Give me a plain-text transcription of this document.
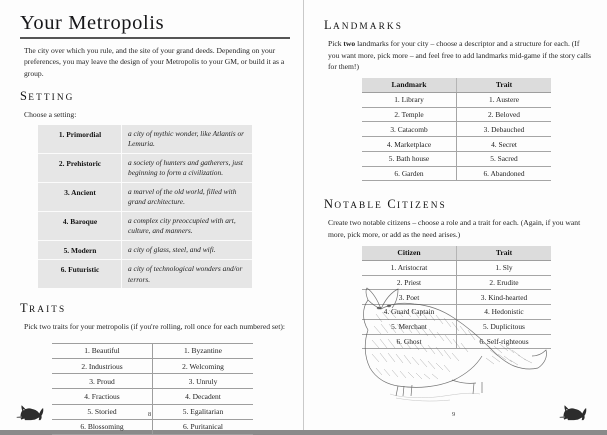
Your Metropolis

The city over which you rule, and the site of your grand deeds. Depending on your preferences, you may leave the design of your Metropolis to your GM, or build it as a group.

SETTING

Choose a setting:

1. Primordial	a city of mythic wonder, like Atlantis or Lemuria.
2. Prehistoric	a society of hunters and gatherers, just beginning to form a civilization.
3. Ancient	a marvel of the old world, filled with grand architecture.
4. Baroque	a complex city preoccupied with art, culture, and manners.
5. Modern	a city of glass, steel, and wifi.
6. Futuristic	a city of technological wonders and/or terrors.
TRAITS

Pick two traits for your metropolis (if you're rolling, roll once for each numbered set):

1. Beautiful	1. Byzantine
2. Industrious	2. Welcoming
3. Proud	3. Unruly
4. Fractious	4. Decadent
5. Storied	5. Egalitarian
6. Blossoming	6. Puritanical
8
LANDMARKS

Pick two landmarks for your city – choose a descriptor and a structure for each. (If you want more, pick more – and feel free to add landmarks mid-game if the story calls for them!)

Landmark	Trait
1. Library	1. Austere
2. Temple	2. Beloved
3. Catacomb	3. Debauched
4. Marketplace	4. Secret
5. Bath house	5. Sacred
6. Garden	6. Abandoned
NOTABLE CITIZENS

Create two notable citizens – choose a role and a trait for each. (Again, if you want more, pick more, or add as the need arises.)

Citizen	Trait
1. Aristocrat	1. Sly
2. Priest	2. Erudite
3. Poet	3. Kind-hearted
4. Guard Captain	4. Hedonistic
5. Merchant	5. Duplicitous
6. Ghost	6. Self-righteous
9
